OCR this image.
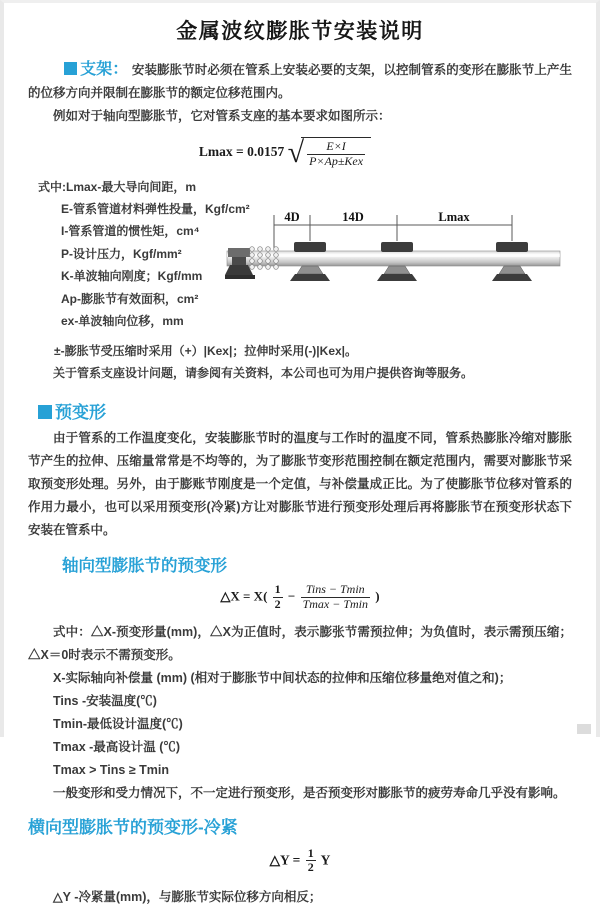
金属波纹膨胀节安装说明

支架： 安装膨胀节时必须在管系上安装必要的支架，以控制管系的变形在膨胀节上产生的位移方向并限制在膨胀节的额定位移范围内。

例如对于轴向型膨胀节，它对管系支座的基本要求如图所示：

Lmax = 0.0157 √ $\frac{E\times I}{\text{P×Ap±Kex}}$

式中:Lmax-最大导向间距，m

E-管系管道材料弹性投量，Kgf/cm²

I-管系管道的惯性矩，cm⁴

P-设计压力，Kgf/mm²

K-单波轴向刚度；Kgf/mm

Ap-膨胀节有效面积，cm²

ex-单波轴向位移，mm

4D	14D	Lmax

±-膨胀节受压缩时采用（+）|Kex|；拉伸时采用(-)|Kex|。

关于管系支座设计问题，请参阅有关资料，本公司也可为用户提供咨询等服务。

预变形

由于管系的工作温度变化，安装膨胀节时的温度与工作时的温度不同，管系热膨胀冷缩对膨胀节产生的拉伸、压缩量常常是不均等的，为了膨胀节变形范围控制在额定范围内，需要对膨胀节采取预变形处理。另外，由于膨账节刚度是一个定值，与补偿量成正比。为了使膨胀节位移对管系的作用力最小，也可以采用预变形(冷紧)方让对膨胀节进行预变形处理后再将膨胀节在预变形状态下安装在管系中。

轴向型膨胀节的预变形
△X = $X( \frac{1}{2} - \frac{\text{Tins − Tmin}}{Tmax - Tmin}$ )

式中：△X-预变形量(mm)，△X为正值时，表示膨张节需预拉伸；为负值时，表示需预压缩；△X＝0时表示不需预变形。

X-实际轴向补偿量 (mm) (相对于膨胀节中间状态的拉伸和压缩位移量绝对值之和)；

Tins -安装温度(℃)

Tmin-最低设计温度(℃)

Tmax -最高设计温 (℃)

Tmax > Tins ≥ Tmin

一般变形和受力情况下，不一定进行预变形，是否预变形对膨胀节的疲劳寿命几乎没有影响。

横向型膨胀节的预变形-冷紧
△Y = $\frac{1}{2}$ Y

△Y -冷紧量(mm)，与膨胀节实际位移方向相反；
